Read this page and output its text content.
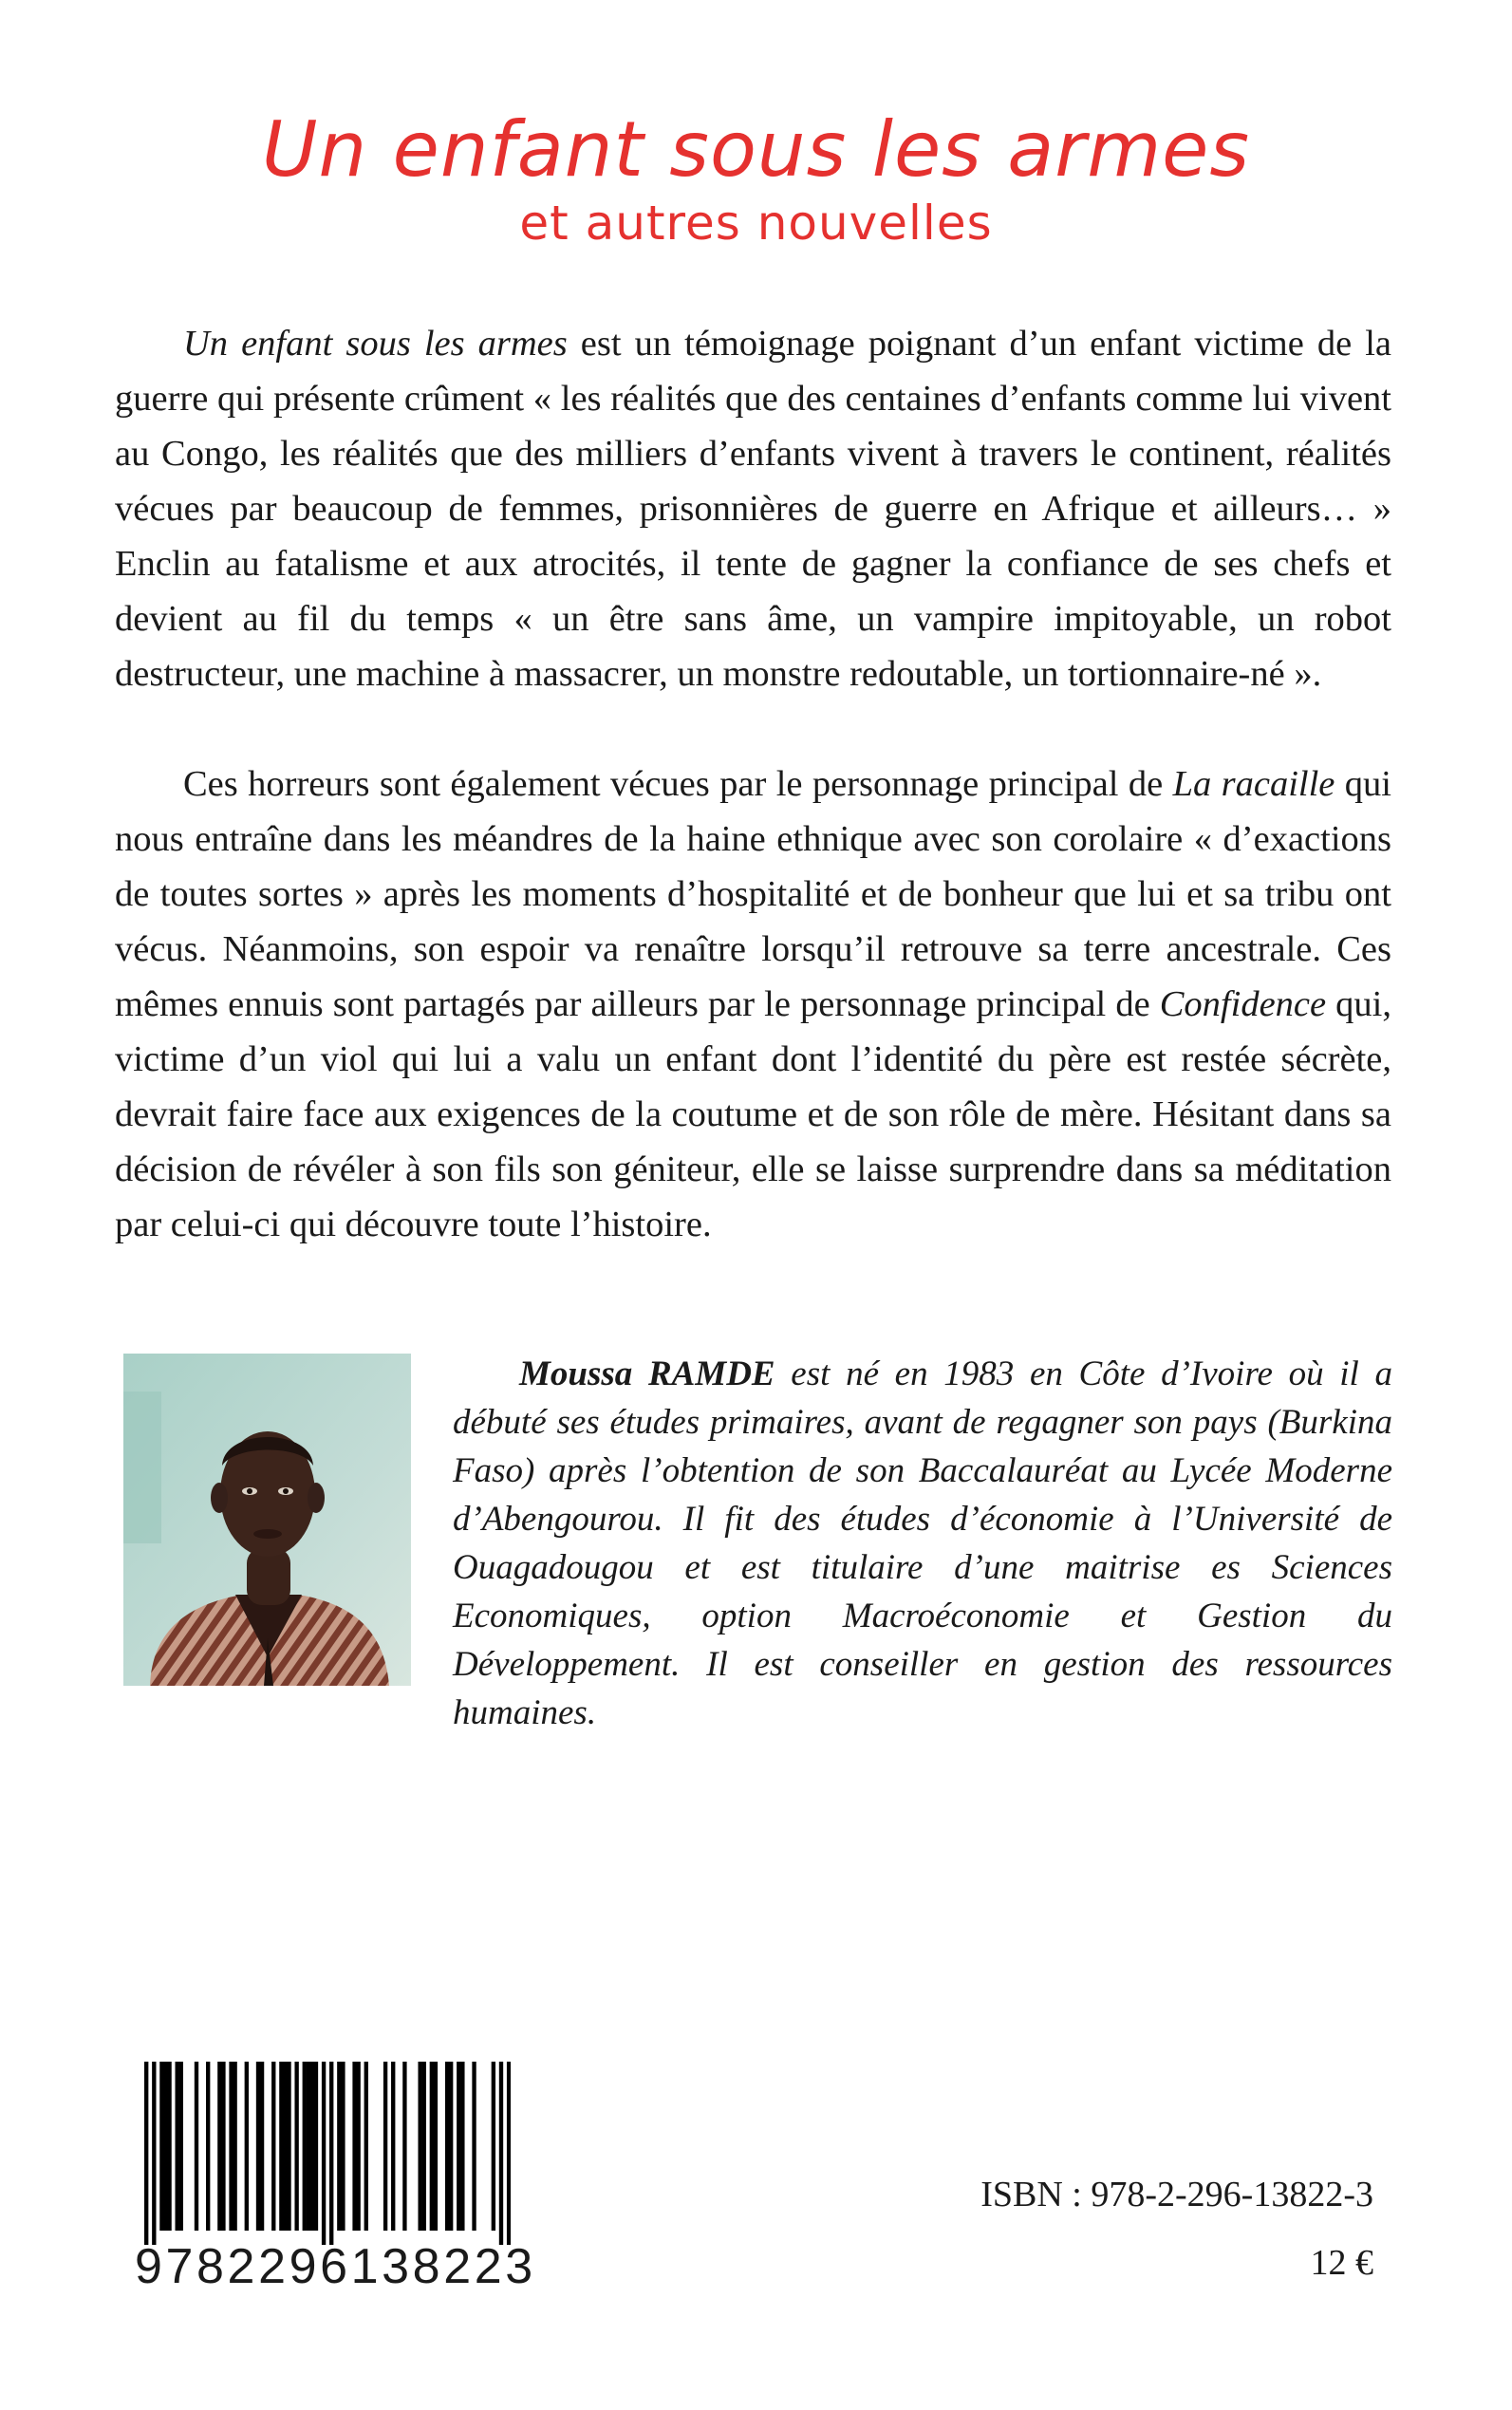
Un enfant sous les armes
et autres nouvelles

Un enfant sous les armes est un témoignage poignant d’un enfant victime de la guerre qui présente crûment « les réalités que des centaines d’enfants comme lui vivent au Congo, les réalités que des milliers d’enfants vivent à travers le continent, réalités vécues par beaucoup de femmes, prisonnières de guerre en Afrique et ailleurs… » Enclin au fatalisme et aux atrocités, il tente de gagner la confiance de ses chefs et devient au fil du temps « un être sans âme, un vampire impitoyable, un robot destructeur, une machine à massacrer, un monstre redoutable, un tortionnaire-né ».

Ces horreurs sont également vécues par le personnage principal de La racaille qui nous entraîne dans les méandres de la haine ethnique avec son corolaire « d’exactions de toutes sortes » après les moments d’hospitalité et de bonheur que lui et sa tribu ont vécus. Néanmoins, son espoir va renaître lorsqu’il retrouve sa terre ancestrale. Ces mêmes ennuis sont partagés par ailleurs par le personnage principal de Confidence qui, victime d’un viol qui lui a valu un enfant dont l’identité du père est restée sécrète, devrait faire face aux exigences de la coutume et de son rôle de mère. Hésitant dans sa décision de révéler à son fils son géniteur, elle se laisse surprendre dans sa méditation par celui-ci qui découvre toute l’histoire.

Moussa RAMDE est né en 1983 en Côte d’Ivoire où il a débuté ses études primaires, avant de regagner son pays (Burkina Faso) après l’obtention de son Baccalauréat au Lycée Moderne d’Abengourou. Il fit des études d’économie à l’Université de Ouagadougou et est titulaire d’une maitrise es Sciences Economiques, option Macroéconomie et Gestion du Développement. Il est conseiller en gestion des ressources humaines.

9782296138223
ISBN : 978-2-296-13822-3
12 €
